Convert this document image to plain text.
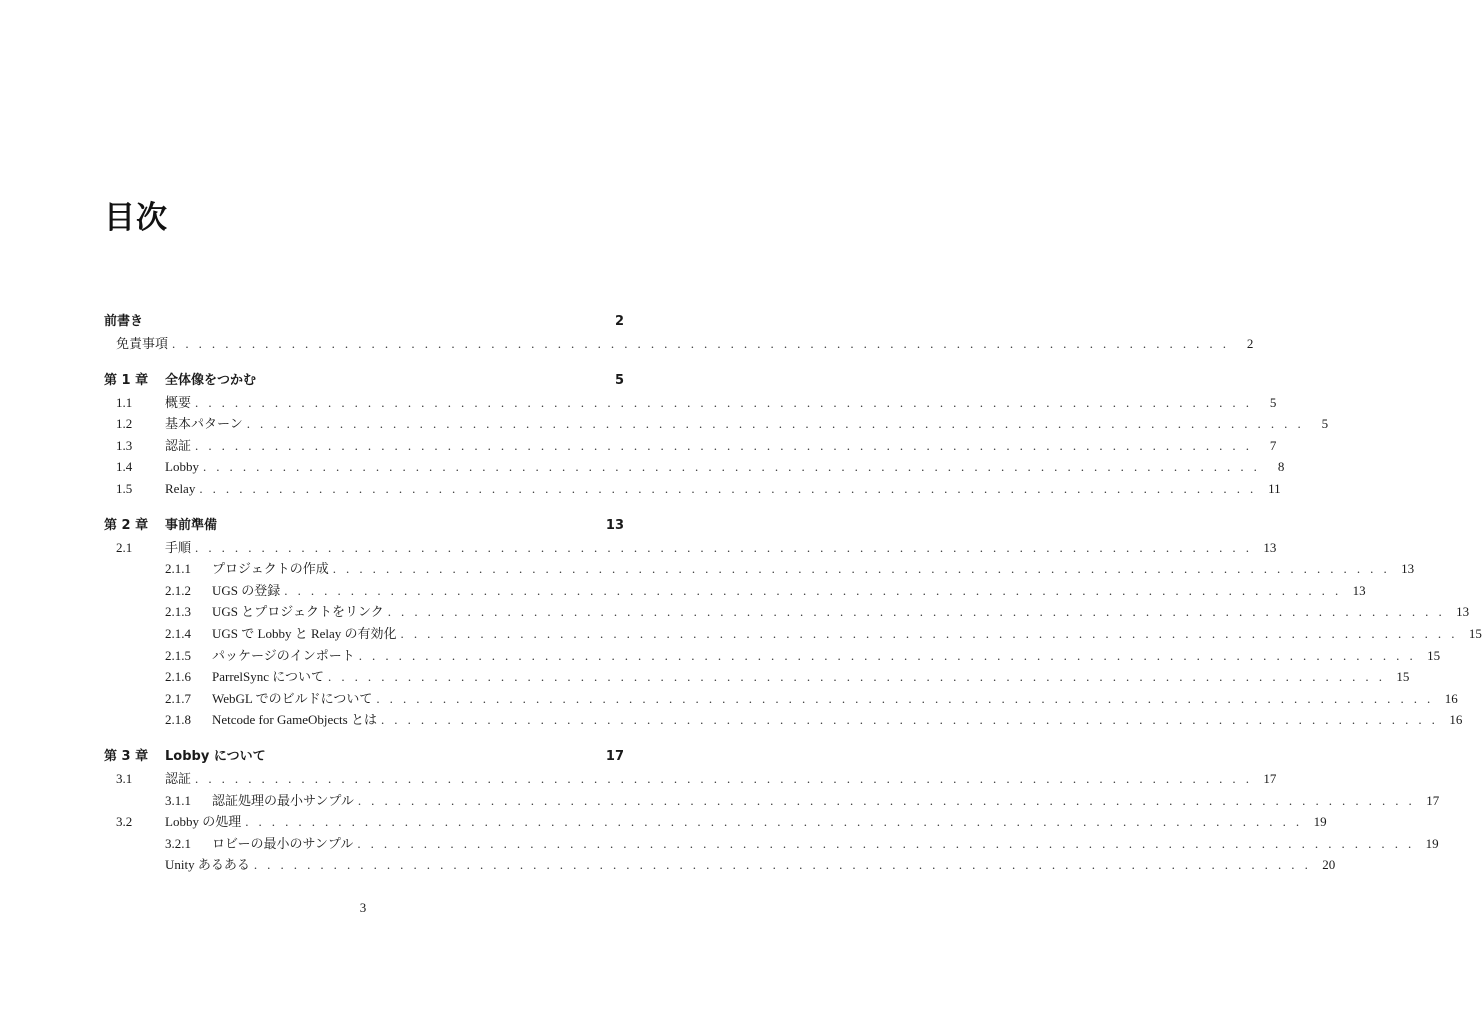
目次
前書き	2
免責事項 . . . . . . . . . . . . . . . . . . . . . . . . . . . . . . . . . . . . . . . . . . . . . . . . . . . . . . . . . . . . . . . . . . . . . . . . . . . . . . . .	2
第 1 章	全体像をつかむ	5
1.1	概要 . . . . . . . . . . . . . . . . . . . . . . . . . . . . . . . . . . . . . . . . . . . . . . . . . . . . . . . . . . . . . . . . . . . . . . . . . . . . . . . .	5
1.2	基本パターン . . . . . . . . . . . . . . . . . . . . . . . . . . . . . . . . . . . . . . . . . . . . . . . . . . . . . . . . . . . . . . . . . . . . . . . . . . . . . . . .	5
1.3	認証 . . . . . . . . . . . . . . . . . . . . . . . . . . . . . . . . . . . . . . . . . . . . . . . . . . . . . . . . . . . . . . . . . . . . . . . . . . . . . . . .	7
1.4	Lobby . . . . . . . . . . . . . . . . . . . . . . . . . . . . . . . . . . . . . . . . . . . . . . . . . . . . . . . . . . . . . . . . . . . . . . . . . . . . . . . .	8
1.5	Relay . . . . . . . . . . . . . . . . . . . . . . . . . . . . . . . . . . . . . . . . . . . . . . . . . . . . . . . . . . . . . . . . . . . . . . . . . . . . . . . . 11
第 2 章	事前準備	13
2.1	手順 . . . . . . . . . . . . . . . . . . . . . . . . . . . . . . . . . . . . . . . . . . . . . . . . . . . . . . . . . . . . . . . . . . . . . . . . . . . . . . . . 13
2.1.1	プロジェクトの作成 . . . . . . . . . . . . . . . . . . . . . . . . . . . . . . . . . . . . . . . . . . . . . . . . . . . . . . . . . . . . . . . . . . . . . . . . . . . . . . . . 13
2.1.2	UGS の登録 . . . . . . . . . . . . . . . . . . . . . . . . . . . . . . . . . . . . . . . . . . . . . . . . . . . . . . . . . . . . . . . . . . . . . . . . . . . . . . . . 13
2.1.3	UGS とプロジェクトをリンク . . . . . . . . . . . . . . . . . . . . . . . . . . . . . . . . . . . . . . . . . . . . . . . . . . . . . . . . . . . . . . . . . . . . . . . . . . . . . . . . 13
2.1.4	UGS で Lobby と Relay の有効化 . . . . . . . . . . . . . . . . . . . . . . . . . . . . . . . . . . . . . . . . . . . . . . . . . . . . . . . . . . . . . . . . . . . . . . . . . . . . . . . . 15
2.1.5	パッケージのインポート . . . . . . . . . . . . . . . . . . . . . . . . . . . . . . . . . . . . . . . . . . . . . . . . . . . . . . . . . . . . . . . . . . . . . . . . . . . . . . . . 15
2.1.6	ParrelSync について . . . . . . . . . . . . . . . . . . . . . . . . . . . . . . . . . . . . . . . . . . . . . . . . . . . . . . . . . . . . . . . . . . . . . . . . . . . . . . . . 15
2.1.7	WebGL でのビルドについて . . . . . . . . . . . . . . . . . . . . . . . . . . . . . . . . . . . . . . . . . . . . . . . . . . . . . . . . . . . . . . . . . . . . . . . . . . . . . . . . 16
2.1.8	Netcode for GameObjects とは . . . . . . . . . . . . . . . . . . . . . . . . . . . . . . . . . . . . . . . . . . . . . . . . . . . . . . . . . . . . . . . . . . . . . . . . . . . . . . . . 16
第 3 章	Lobby について	17
3.1	認証 . . . . . . . . . . . . . . . . . . . . . . . . . . . . . . . . . . . . . . . . . . . . . . . . . . . . . . . . . . . . . . . . . . . . . . . . . . . . . . . . 17
3.1.1	認証処理の最小サンプル . . . . . . . . . . . . . . . . . . . . . . . . . . . . . . . . . . . . . . . . . . . . . . . . . . . . . . . . . . . . . . . . . . . . . . . . . . . . . . . . 17
3.2	Lobby の処理 . . . . . . . . . . . . . . . . . . . . . . . . . . . . . . . . . . . . . . . . . . . . . . . . . . . . . . . . . . . . . . . . . . . . . . . . . . . . . . . . 19
3.2.1	ロビーの最小のサンプル . . . . . . . . . . . . . . . . . . . . . . . . . . . . . . . . . . . . . . . . . . . . . . . . . . . . . . . . . . . . . . . . . . . . . . . . . . . . . . . . 19
Unity あるある . . . . . . . . . . . . . . . . . . . . . . . . . . . . . . . . . . . . . . . . . . . . . . . . . . . . . . . . . . . . . . . . . . . . . . . . . . . . . . . . 20
3
